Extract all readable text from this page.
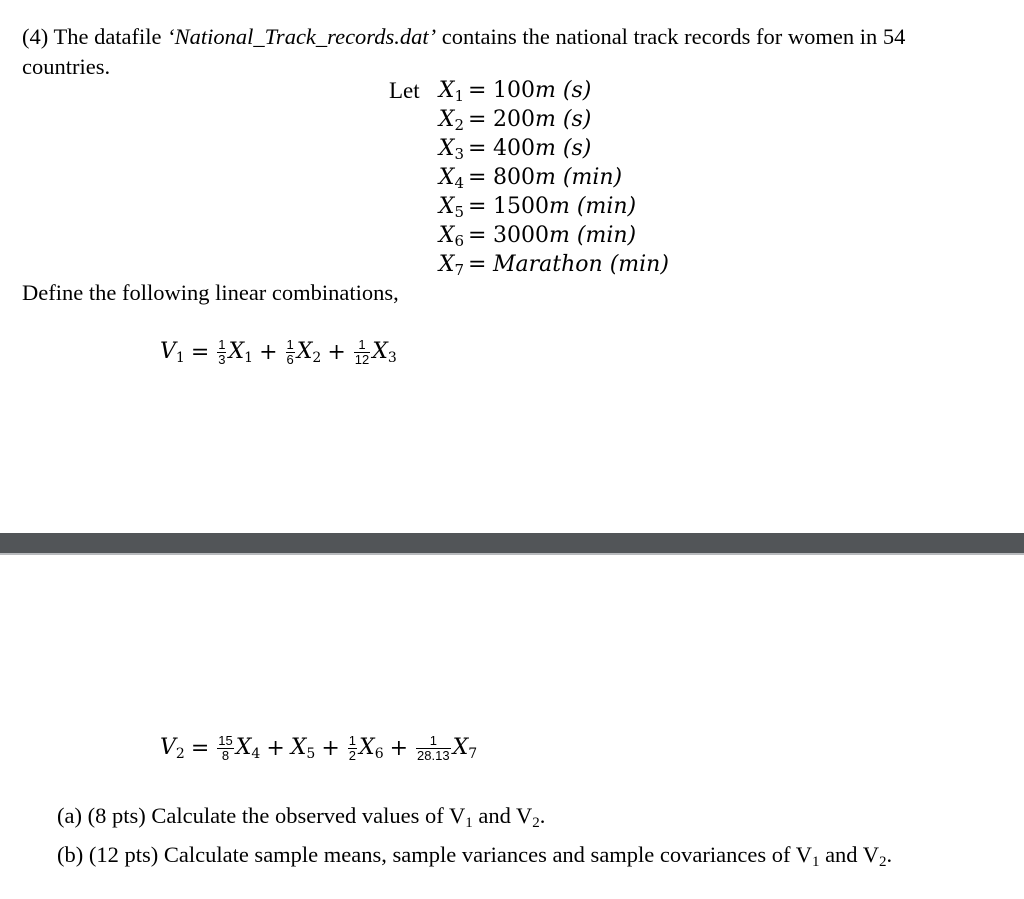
(4) The datafile ‘National_Track_records.dat’ contains the national track records for women in 54 countries.
Let $X_1 = 100m$ (s)
$X_2 = 200m$ (s)
$X_3 = 400m$ (s)
$X_4 = 800m$ (min)
$X_5 = 1500m$ (min)
$X_6 = 3000m$ (min)
$X_7$ = Marathon (min)
Define the following linear combinations,
$V_1 = \frac{1}{3} X_1 + \frac{1}{6} X_2 + \frac{1}{12} X_3$
$V_2 = \frac{15}{8} X_4 + X_5 + \frac{1}{2} X_6 + \frac{1}{28.13} X_7$
(a) (8 pts) Calculate the observed values of $V_1$ and $V_2$.
(b) (12 pts) Calculate sample means, sample variances and sample covariances of $V_1$ and $V_2$.
